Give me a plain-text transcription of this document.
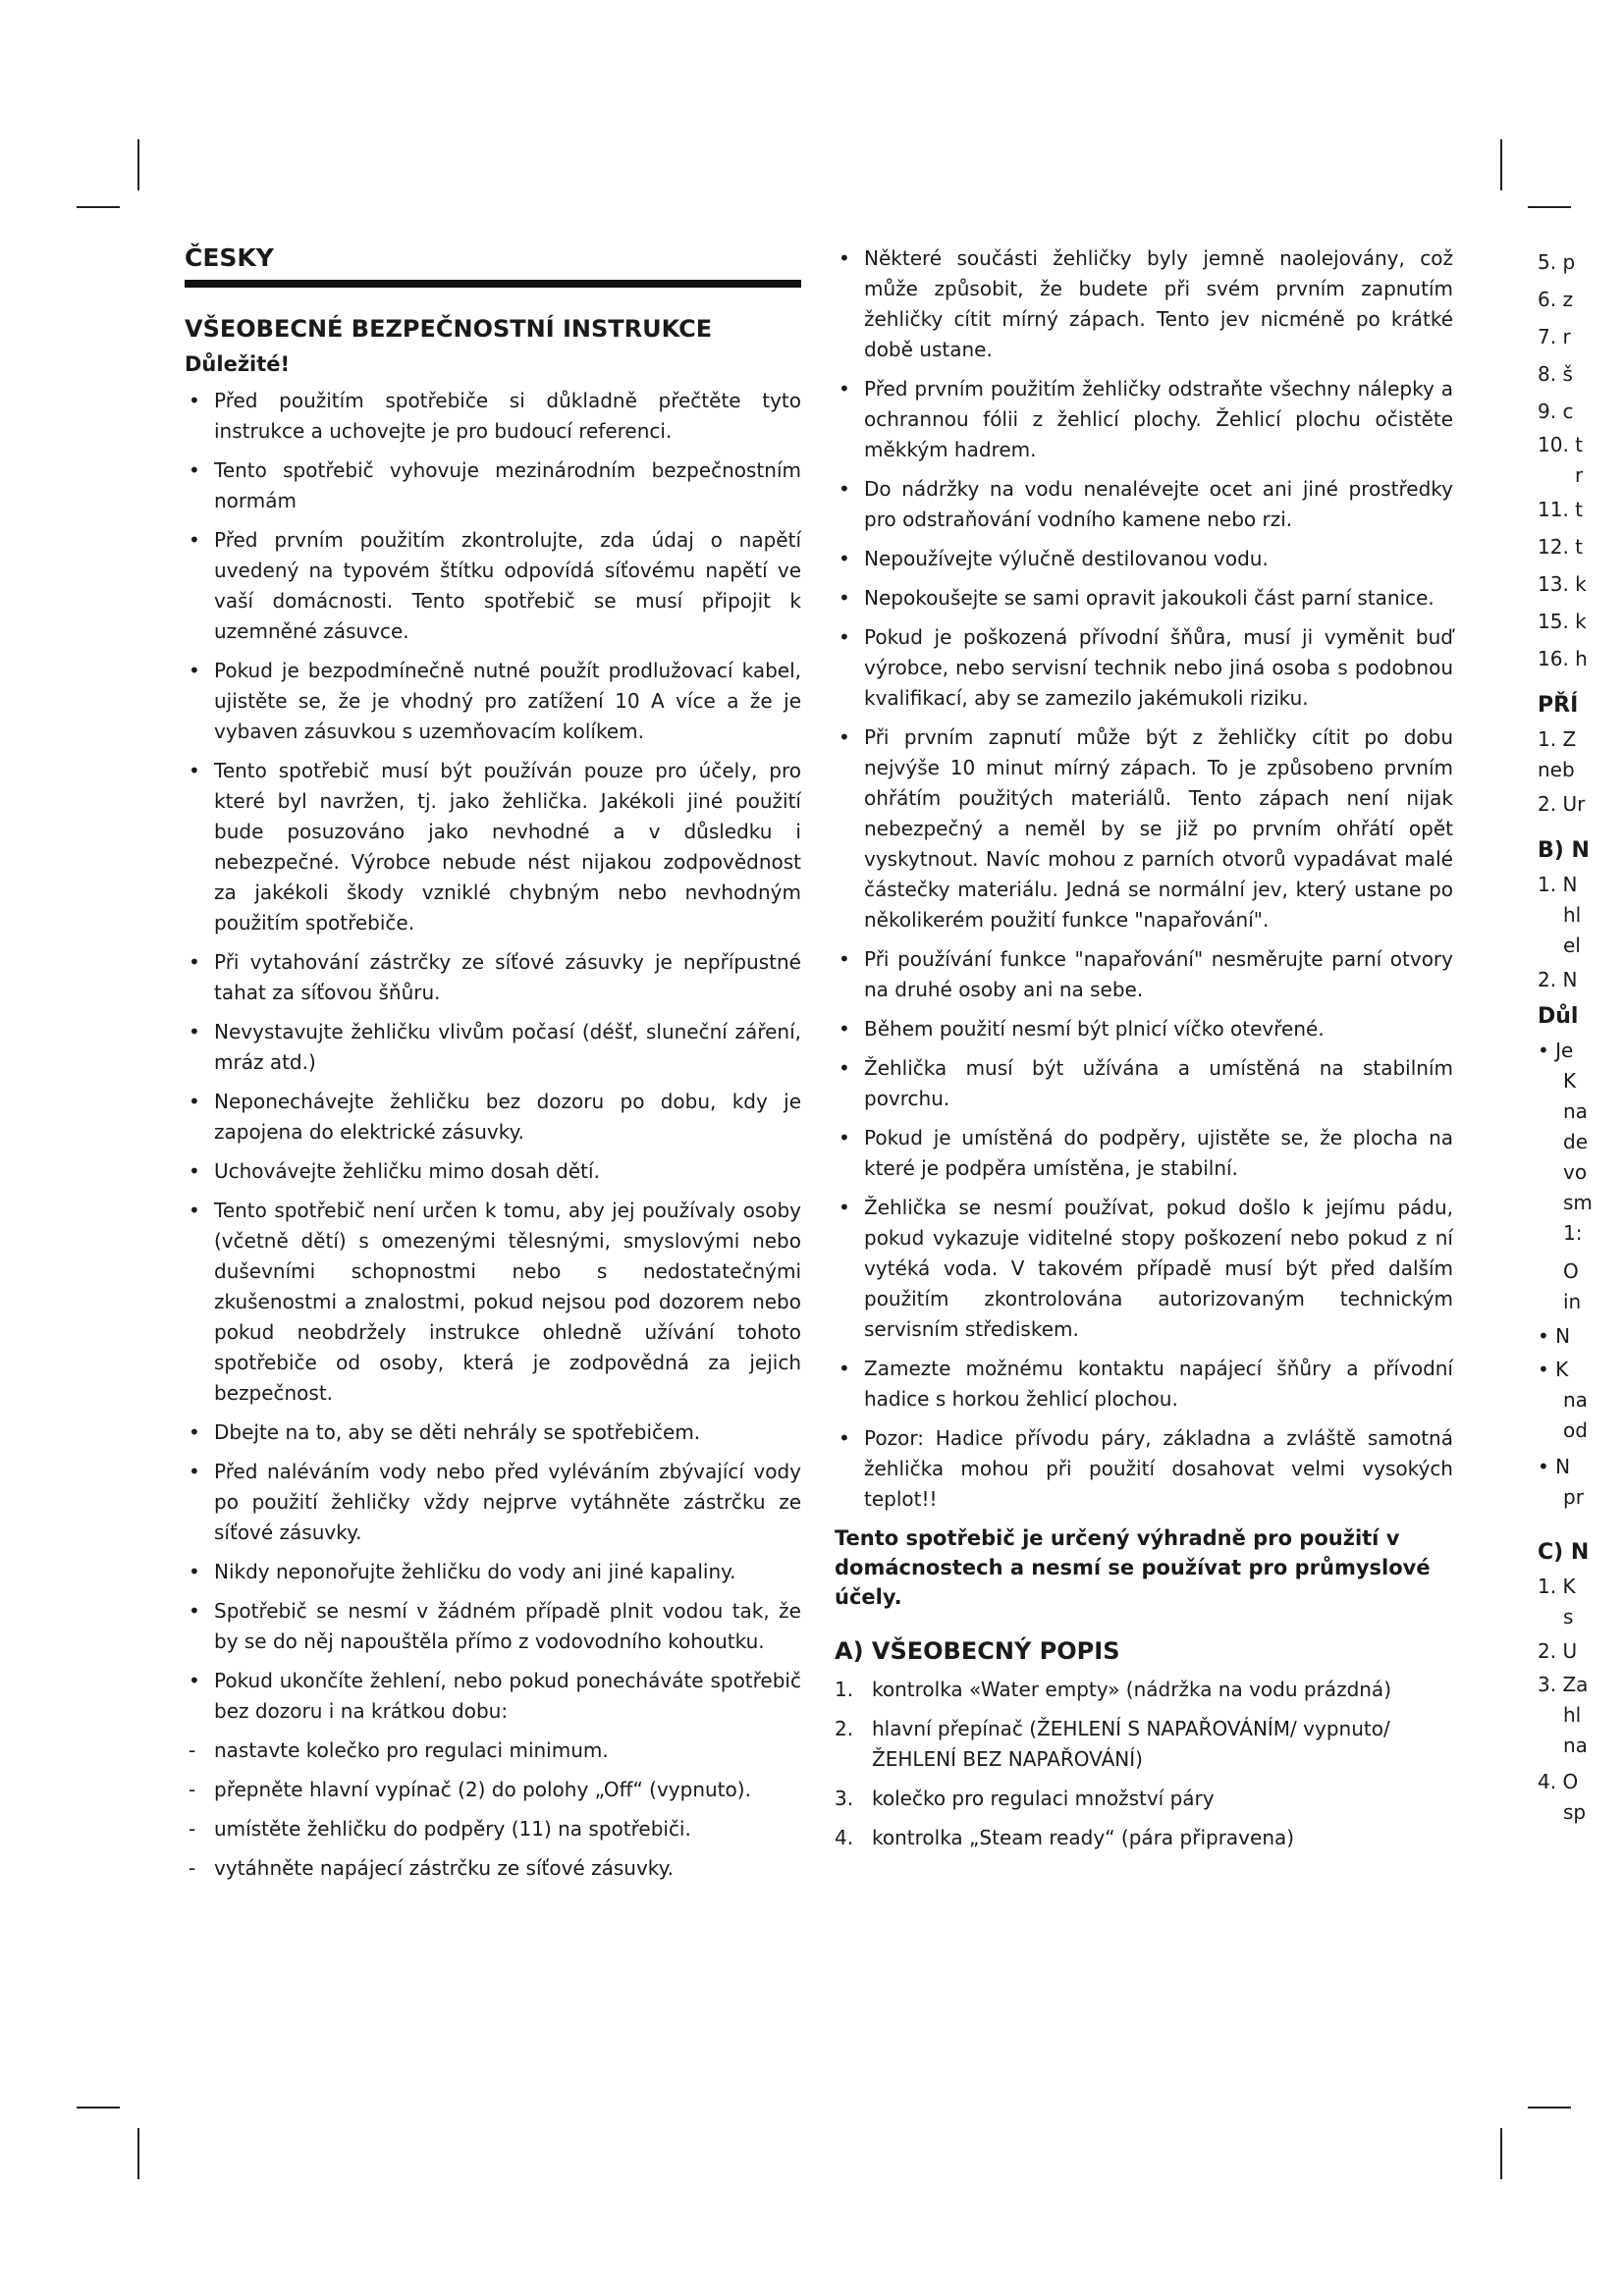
ČESKY
VŠEOBECNÉ BEZPEČNOSTNÍ INSTRUKCE
Důležité!
• Před použitím spotřebiče si důkladně přečtěte tyto instrukce a uchovejte je pro budoucí referenci.
• Tento spotřebič vyhovuje mezinárodním bezpečnostním normám
• Před prvním použitím zkontrolujte, zda údaj o napětí uvedený na typovém štítku odpovídá síťovému napětí ve vaší domácnosti. Tento spotřebič se musí připojit k uzemněné zásuvce.
• Pokud je bezpodmínečně nutné použít prodlužovací kabel, ujistěte se, že je vhodný pro zatížení 10 A více a že je vybaven zásuvkou s uzemňovacím kolíkem.
• Tento spotřebič musí být používán pouze pro účely, pro které byl navržen, tj. jako žehlička. Jakékoli jiné použití bude posuzováno jako nevhodné a v důsledku i nebezpečné. Výrobce nebude nést nijakou zodpovědnost za jakékoli škody vzniklé chybným nebo nevhodným použitím spotřebiče.
• Při vytahování zástrčky ze síťové zásuvky je nepřípustné tahat za síťovou šňůru.
• Nevystavujte žehličku vlivům počasí (déšť, sluneční záření, mráz atd.)
• Neponechávejte žehličku bez dozoru po dobu, kdy je zapojena do elektrické zásuvky.
• Uchovávejte žehličku mimo dosah dětí.
• Tento spotřebič není určen k tomu, aby jej používaly osoby (včetně dětí) s omezenými tělesnými, smyslovými nebo duševními schopnostmi nebo s nedostatečnými zkušenostmi a znalostmi, pokud nejsou pod dozorem nebo pokud neobdržely instrukce ohledně užívání tohoto spotřebiče od osoby, která je zodpovědná za jejich bezpečnost.
• Dbejte na to, aby se děti nehrály se spotřebičem.
• Před naléváním vody nebo před vyléváním zbývající vody po použití žehličky vždy nejprve vytáhněte zástrčku ze síťové zásuvky.
• Nikdy neponořujte žehličku do vody ani jiné kapaliny.
• Spotřebič se nesmí v žádném případě plnit vodou tak, že by se do něj napouštěla přímo z vodovodního kohoutku.
• Pokud ukončíte žehlení, nebo pokud ponecháváte spotřebič bez dozoru i na krátkou dobu:
- nastavte kolečko pro regulaci minimum.
- přepněte hlavní vypínač (2) do polohy „Off“ (vypnuto).
- umístěte žehličku do podpěry (11) na spotřebiči.
- vytáhněte napájecí zástrčku ze síťové zásuvky.
• Některé součásti žehličky byly jemně naolejovány, což může způsobit, že budete při svém prvním zapnutím žehličky cítit mírný zápach. Tento jev nicméně po krátké době ustane.
• Před prvním použitím žehličky odstraňte všechny nálepky a ochrannou fólii z žehlicí plochy. Žehlicí plochu očistěte měkkým hadrem.
• Do nádržky na vodu nenalévejte ocet ani jiné prostředky pro odstraňování vodního kamene nebo rzi.
• Nepoužívejte výlučně destilovanou vodu.
• Nepokoušejte se sami opravit jakoukoli část parní stanice.
• Pokud je poškozená přívodní šňůra, musí ji vyměnit buď výrobce, nebo servisní technik nebo jiná osoba s podobnou kvalifikací, aby se zamezilo jakémukoli riziku.
• Při prvním zapnutí může být z žehličky cítit po dobu nejvýše 10 minut mírný zápach. To je způsobeno prvním ohřátím použitých materiálů. Tento zápach není nijak nebezpečný a neměl by se již po prvním ohřátí opět vyskytnout. Navíc mohou z parních otvorů vypadávat malé částečky materiálu. Jedná se normální jev, který ustane po několikerém použití funkce "napařování".
• Při používání funkce "napařování" nesměrujte parní otvory na druhé osoby ani na sebe.
• Během použití nesmí být plnicí víčko otevřené.
• Žehlička musí být užívána a umístěná na stabilním povrchu.
• Pokud je umístěná do podpěry, ujistěte se, že plocha na které je podpěra umístěna, je stabilní.
• Žehlička se nesmí používat, pokud došlo k jejímu pádu, pokud vykazuje viditelné stopy poškození nebo pokud z ní vytéká voda. V takovém případě musí být před dalším použitím zkontrolována autorizovaným technickým servisním střediskem.
• Zamezte možnému kontaktu napájecí šňůry a přívodní hadice s horkou žehlicí plochou.
• Pozor: Hadice přívodu páry, základna a zvláště samotná žehlička mohou při použití dosahovat velmi vysokých teplot!!

Tento spotřebič je určený výhradně pro použití v domácnostech a nesmí se používat pro průmyslové účely.

A) VŠEOBECNÝ POPIS
1. kontrolka «Water empty» (nádržka na vodu prázdná)
2. hlavní přepínač (ŽEHLENÍ S NAPAŘOVÁNÍM/ vypnuto/ŽEHLENÍ BEZ NAPAŘOVÁNÍ)
3. kolečko pro regulaci množství páry
4. kontrolka „Steam ready“ (pára připravena)
5. p
6. z
7. r
8. š
9. c
10. t
r
11. t
12. t
13. k
15. k
16. h
PŘÍ
1. Z
neb
2. Ur
B) N
1. N
hl
el
2. N
Důl
• Je
K
na
de
vo
sm
1:
O
in
• N
• K
na
od
• N
pr
C) N
1. K
s
2. U
3. Za
hl
na
4. O
sp
